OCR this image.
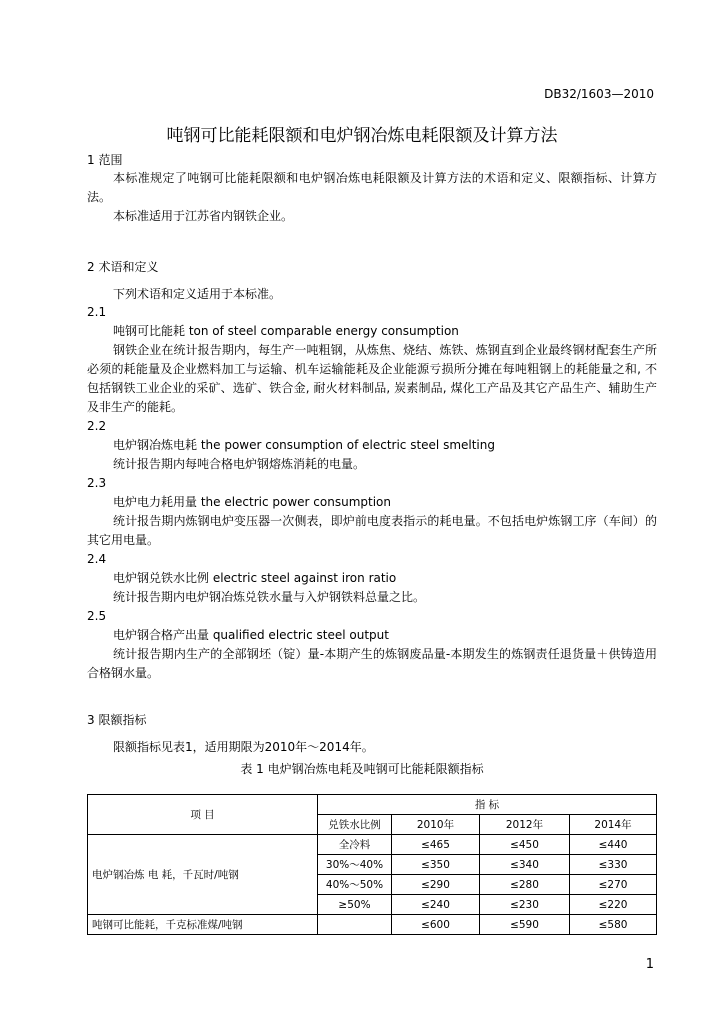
DB32/1603—2010
吨钢可比能耗限额和电炉钢冶炼电耗限额及计算方法
1 范围

本标准规定了吨钢可比能耗限额和电炉钢冶炼电耗限额及计算方法的术语和定义、限额指标、计算方法。

本标准适用于江苏省内钢铁企业。

2 术语和定义

下列术语和定义适用于本标准。

2.1

吨钢可比能耗 ton of steel comparable energy consumption

钢铁企业在统计报告期内，每生产一吨粗钢，从炼焦、烧结、炼铁、炼钢直到企业最终钢材配套生产所必须的耗能量及企业燃料加工与运输、机车运输能耗及企业能源亏损所分摊在每吨粗钢上的耗能量之和, 不包括钢铁工业企业的采矿、选矿、铁合金, 耐火材料制品, 炭素制品, 煤化工产品及其它产品生产、辅助生产及非生产的能耗。

2.2

电炉钢冶炼电耗 the power consumption of electric steel smelting

统计报告期内每吨合格电炉钢熔炼消耗的电量。

2.3

电炉电力耗用量 the electric power consumption

统计报告期内炼钢电炉变压器一次侧表，即炉前电度表指示的耗电量。不包括电炉炼钢工序（车间）的其它用电量。

2.4

电炉钢兑铁水比例 electric steel against iron ratio

统计报告期内电炉钢冶炼兑铁水量与入炉钢铁料总量之比。

2.5

电炉钢合格产出量 qualified electric steel output

统计报告期内生产的全部钢坯（锭）量-本期产生的炼钢废品量-本期发生的炼钢责任退货量＋供铸造用合格钢水量。

3 限额指标

限额指标见表1，适用期限为2010年～2014年。

表 1 电炉钢冶炼电耗及吨钢可比能耗限额指标
项 目	指 标			
	兑铁水比例	2010年	2012年	2014年
电炉钢冶炼 电 耗，千瓦时/吨钢	全冷料	≤465	≤450	≤440
	30%～40%	≤350	≤340	≤330
	40%～50%	≤290	≤280	≤270
	≥50%	≤240	≤230	≤220
吨钢可比能耗，千克标准煤/吨钢		≤600	≤590	≤580
1
